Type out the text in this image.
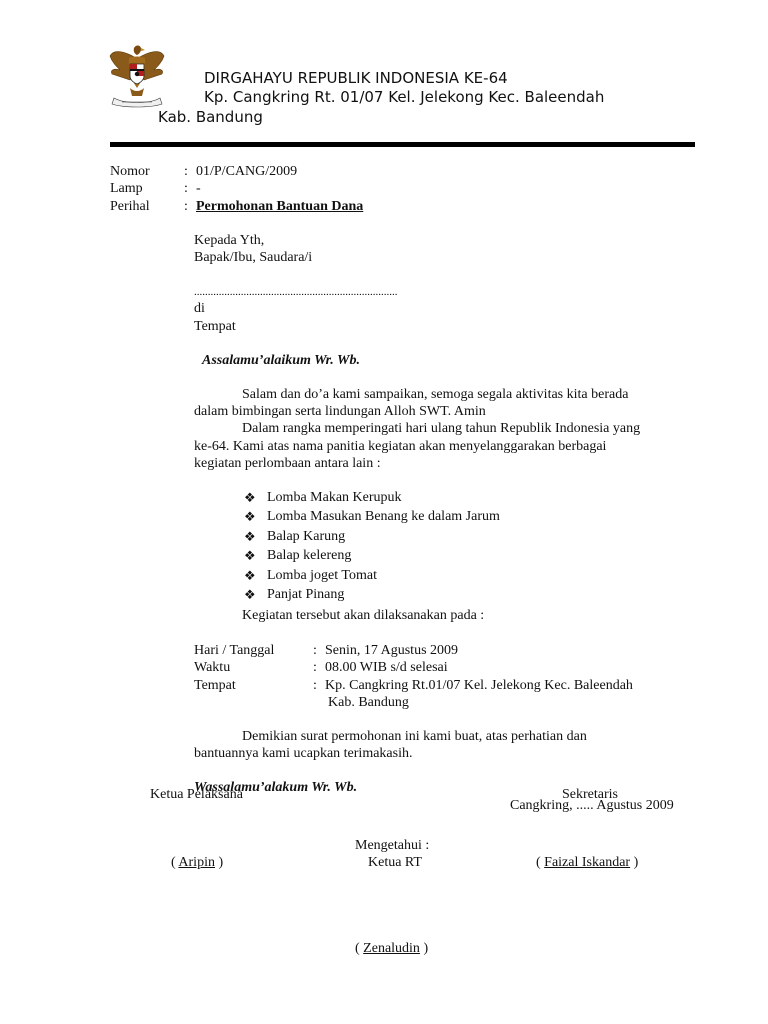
DIRGAHAYU REPUBLIK INDONESIA KE-64
Kp. Cangkring Rt. 01/07 Kel. Jelekong Kec. Baleendah
Kab. Bandung
Nomor : 01/P/CANG/2009
Lamp	: -
Perihal : Permohonan Bantuan Dana
Kepada Yth,
Bapak/Ibu, Saudara/i
..........................................................................
di
Tempat
Assalamu’alaikum Wr. Wb.
Salam dan do’a kami sampaikan, semoga segala aktivitas kita berada
dalam bimbingan serta lindungan Alloh SWT. Amin
Dalam rangka memperingati hari ulang tahun Republik Indonesia yang
ke-64. Kami atas nama panitia kegiatan akan menyelanggarakan berbagai
kegiatan perlombaan antara lain :
❖ Lomba Makan Kerupuk
❖ Lomba Masukan Benang ke dalam Jarum
❖ Balap Karung
❖ Balap kelereng
❖ Lomba joget Tomat
❖ Panjat Pinang
Kegiatan tersebut akan dilaksanakan pada :
Hari / Tanggal	: Senin, 17 Agustus 2009
Waktu	: 08.00 WIB s/d selesai
Tempat	: Kp. Cangkring Rt.01/07 Kel. Jelekong Kec. Baleendah
Kab. Bandung
Demikian surat permohonan ini kami buat, atas perhatian dan
bantuannya kami ucapkan terimakasih.
Wassalamu’alakum Wr. Wb.
Ketua Pelaksana	Sekretaris
Cangkring, ..... Agustus 2009
Mengetahui :
Ketua RT
( Aripin )	( Faizal Iskandar )
( Zenaludin )
